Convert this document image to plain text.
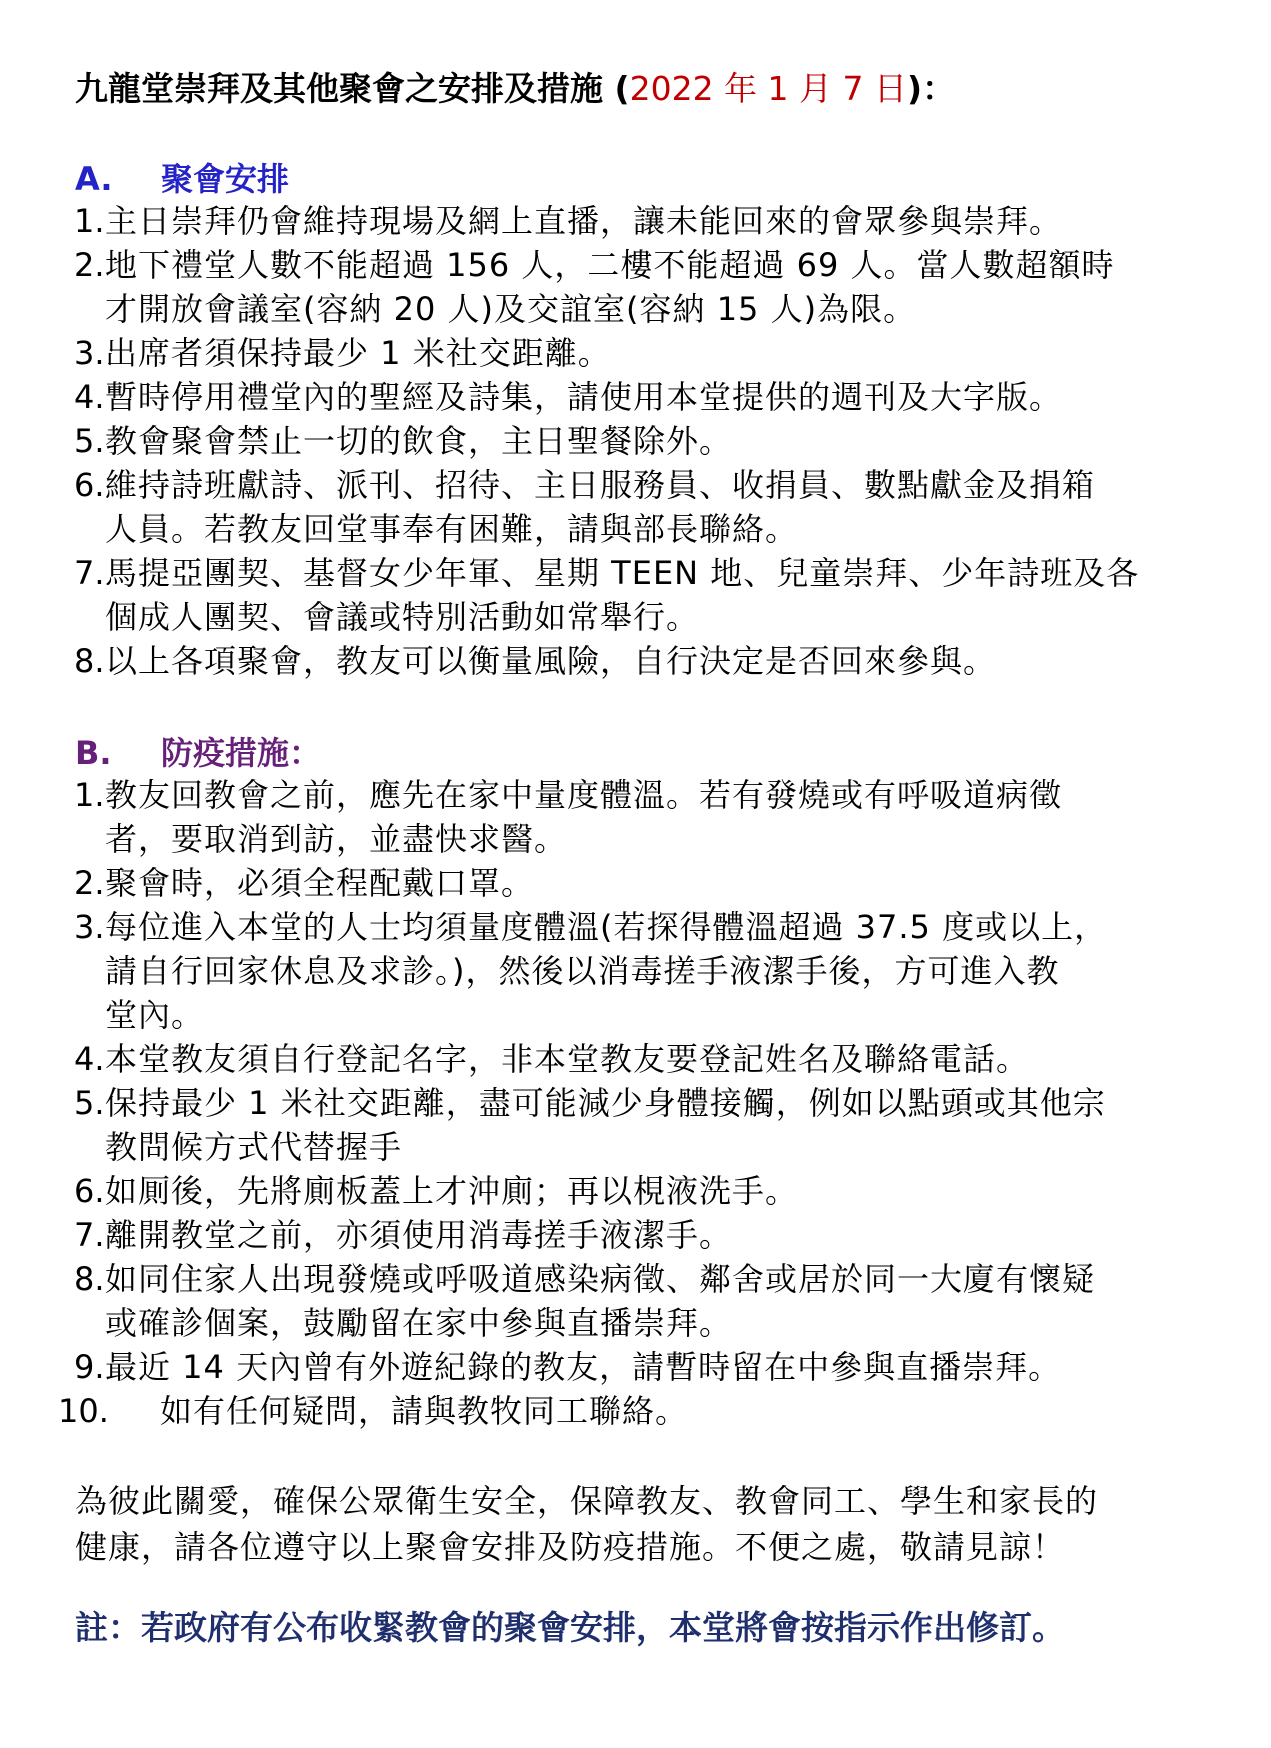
九龍堂崇拜及其他聚會之安排及措施 (2022 年 1 月 7 日)：
A. 聚會安排
1. 主日崇拜仍會維持現場及網上直播，讓未能回來的會眾參與崇拜。
2. 地下禮堂人數不能超過 156 人，二樓不能超過 69 人。當人數超額時
才開放會議室(容納 20 人)及交誼室(容納 15 人)為限。
3. 出席者須保持最少 1 米社交距離。
4. 暫時停用禮堂內的聖經及詩集，請使用本堂提供的週刊及大字版。
5. 教會聚會禁止一切的飲食，主日聖餐除外。
6. 維持詩班獻詩、派刊、招待、主日服務員、收捐員、數點獻金及捐箱
人員。若教友回堂事奉有困難，請與部長聯絡。
7. 馬提亞團契、基督女少年軍、星期 TEEN 地、兒童崇拜、少年詩班及各
個成人團契、會議或特別活動如常舉行。
8. 以上各項聚會，教友可以衡量風險，自行決定是否回來參與。
B. 防疫措施：
1. 教友回教會之前，應先在家中量度體溫。若有發燒或有呼吸道病徵
者，要取消到訪，並盡快求醫。
2. 聚會時，必須全程配戴口罩。
3. 每位進入本堂的人士均須量度體溫(若探得體溫超過 37.5 度或以上，
請自行回家休息及求診。)，然後以消毒搓手液潔手後，方可進入教
堂內。
4. 本堂教友須自行登記名字，非本堂教友要登記姓名及聯絡電話。
5. 保持最少 1 米社交距離，盡可能減少身體接觸，例如以點頭或其他宗
教問候方式代替握手
6. 如厠後，先將廁板蓋上才沖廁；再以梘液洗手。
7. 離開教堂之前，亦須使用消毒搓手液潔手。
8. 如同住家人出現發燒或呼吸道感染病徵、鄰舍或居於同一大廈有懷疑
或確診個案，鼓勵留在家中參與直播崇拜。
9. 最近 14 天內曾有外遊紀錄的教友，請暫時留在中參與直播崇拜。
10. 如有任何疑問，請與教牧同工聯絡。
為彼此關愛，確保公眾衛生安全，保障教友、教會同工、學生和家長的
健康，請各位遵守以上聚會安排及防疫措施。不便之處，敬請見諒！
註：若政府有公布收緊教會的聚會安排，本堂將會按指示作出修訂。
